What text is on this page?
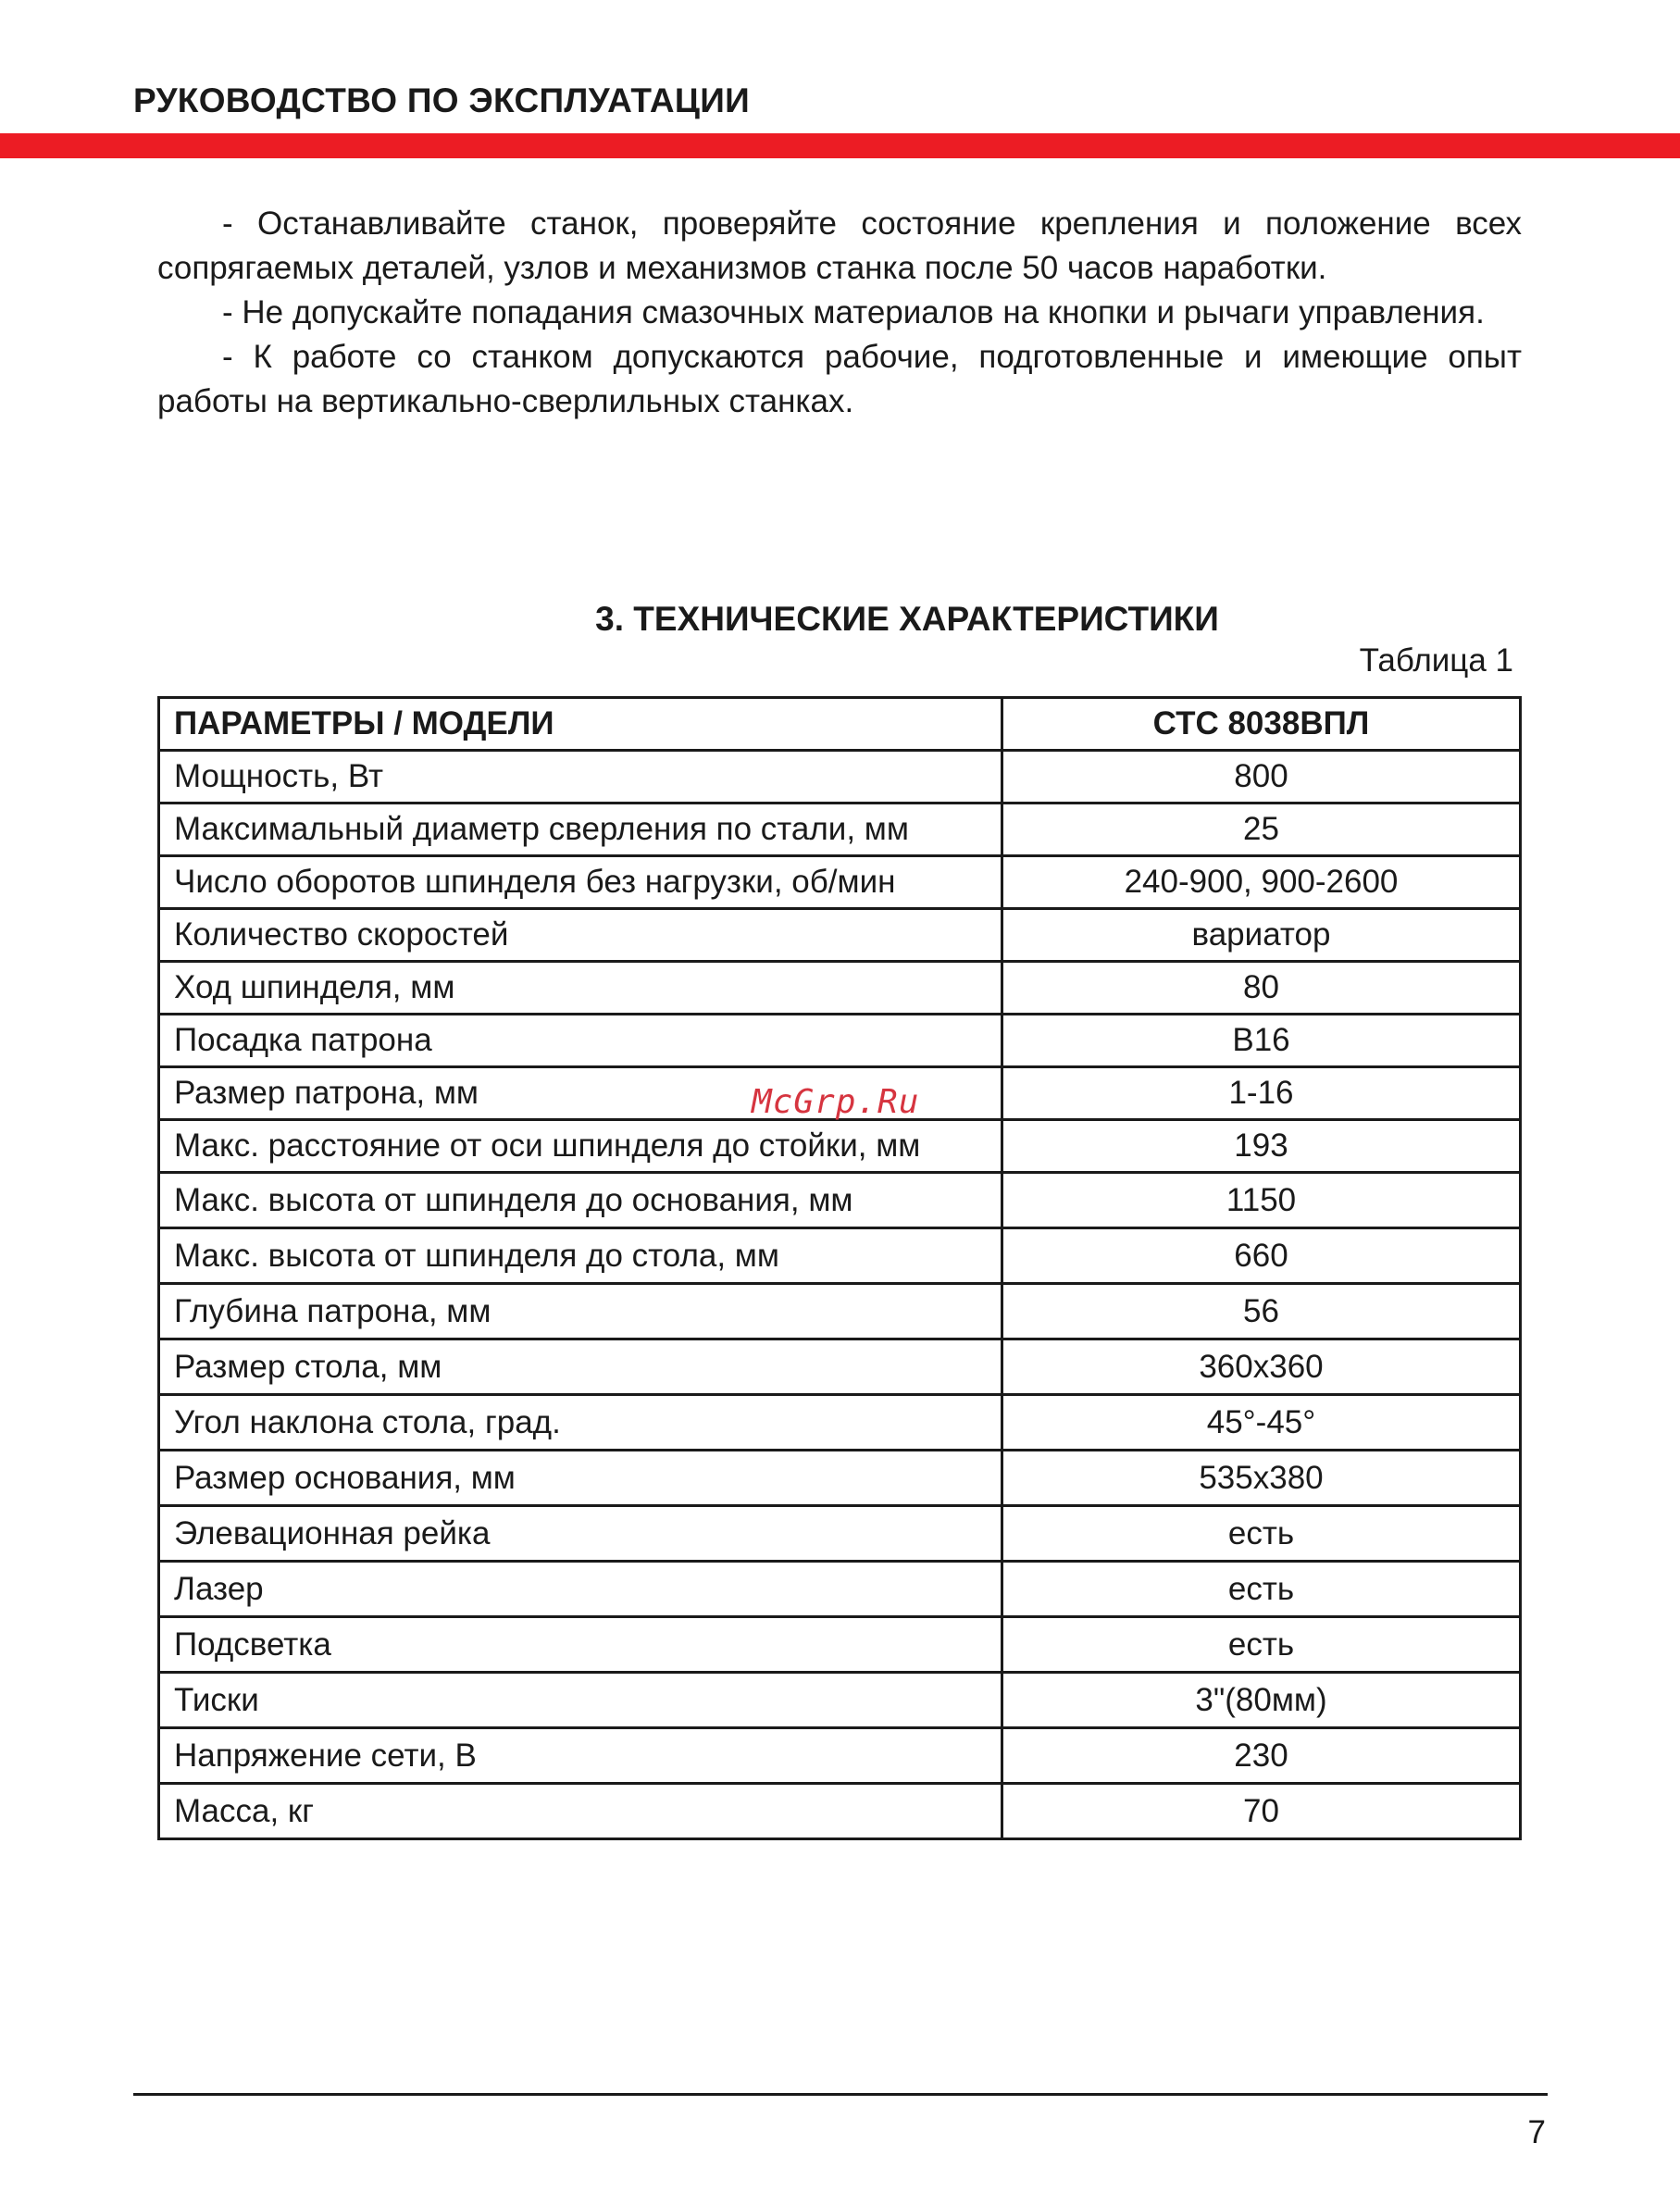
РУКОВОДСТВО ПО ЭКСПЛУАТАЦИИ

- Останавливайте станок, проверяйте состояние крепления и положение всех сопрягаемых деталей, узлов и механизмов станка после 50 часов наработки.

- Не допускайте попадания смазочных материалов на кнопки и рычаги управления.

- К работе со станком допускаются рабочие, подготовленные и имеющие опыт работы на вертикально-сверлильных станках.

3. ТЕХНИЧЕСКИЕ ХАРАКТЕРИСТИКИ
Таблица 1
ПАРАМЕТРЫ / МОДЕЛИ	СТС 8038ВПЛ
Мощность, Вт	800
Максимальный диаметр сверления по стали, мм	25
Число оборотов шпинделя без нагрузки, об/мин	240-900, 900-2600
Количество скоростей	вариатор
Ход шпинделя, мм	80
Посадка патрона	B16
Размер патрона, мм	1-16
Макс. расстояние от оси шпинделя до стойки, мм	193
Макс. высота от шпинделя до основания, мм	1150
Макс. высота от шпинделя до стола, мм	660
Глубина патрона, мм	56
Размер стола, мм	360x360
Угол наклона стола, град.	45°-45°
Размер основания, мм	535x380
Элевационная рейка	есть
Лазер	есть
Подсветка	есть
Тиски	3"(80мм)
Напряжение сети, В	230
Масса, кг	70
McGrp.Ru
7
